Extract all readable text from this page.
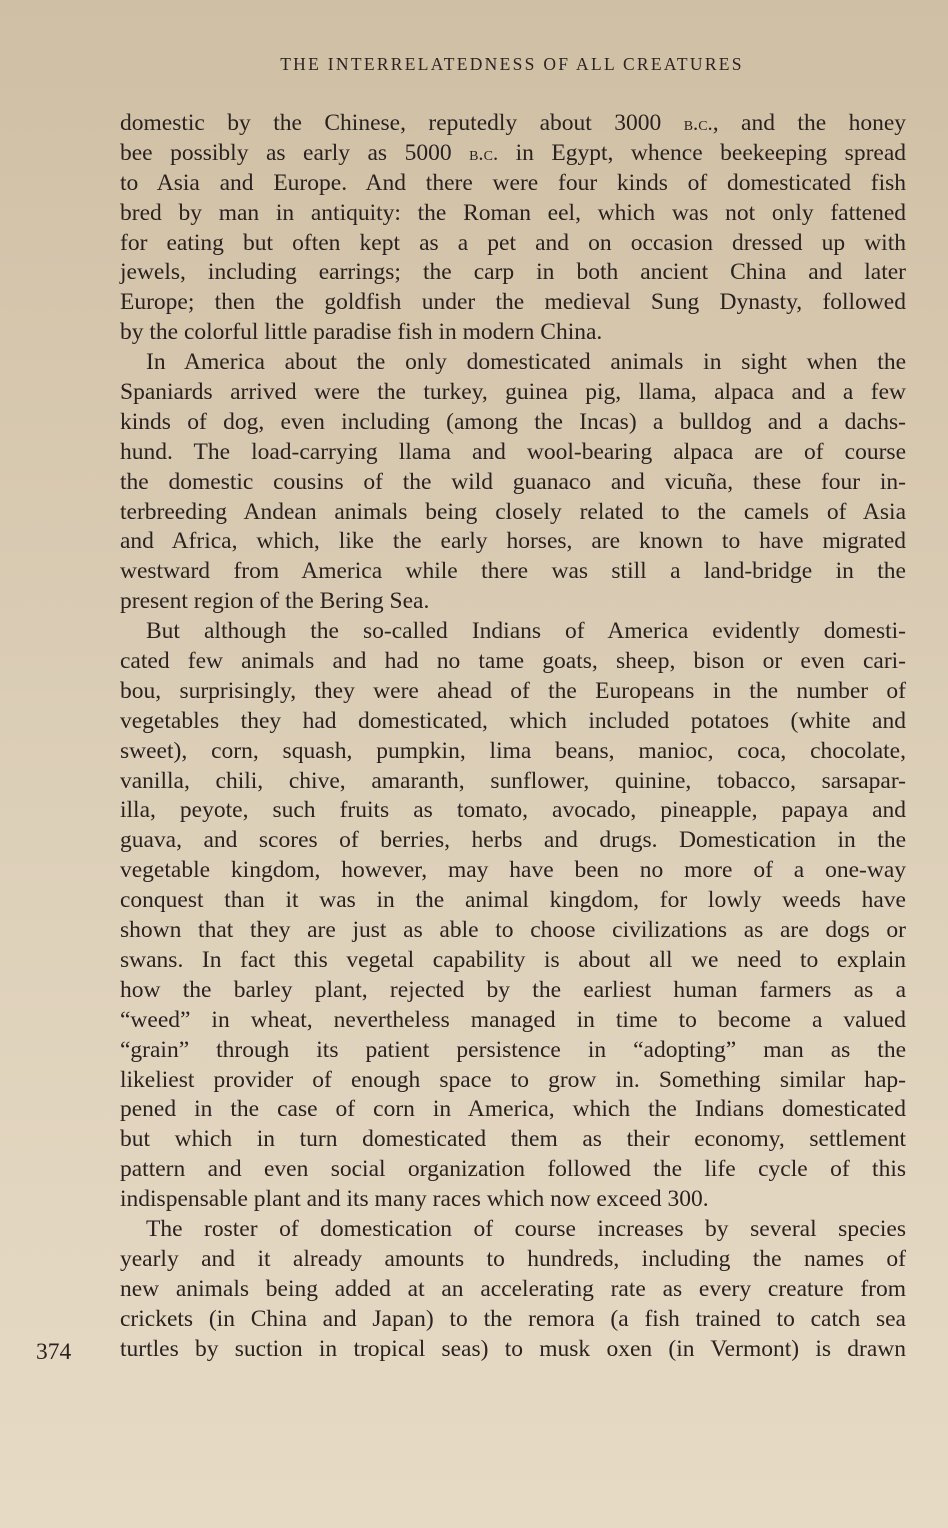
THE INTERRELATEDNESS OF ALL CREATURES
domestic by the Chinese, reputedly about 3000 b.c., and the honey
bee possibly as early as 5000 b.c. in Egypt, whence beekeeping spread
to Asia and Europe. And there were four kinds of domesticated fish
bred by man in antiquity: the Roman eel, which was not only fattened
for eating but often kept as a pet and on occasion dressed up with
jewels, including earrings; the carp in both ancient China and later
Europe; then the goldfish under the medieval Sung Dynasty, followed
by the colorful little paradise fish in modern China.
In America about the only domesticated animals in sight when the
Spaniards arrived were the turkey, guinea pig, llama, alpaca and a few
kinds of dog, even including (among the Incas) a bulldog and a dachs-
hund. The load-carrying llama and wool-bearing alpaca are of course
the domestic cousins of the wild guanaco and vicuña, these four in-
terbreeding Andean animals being closely related to the camels of Asia
and Africa, which, like the early horses, are known to have migrated
westward from America while there was still a land-bridge in the
present region of the Bering Sea.
But although the so-called Indians of America evidently domesti-
cated few animals and had no tame goats, sheep, bison or even cari-
bou, surprisingly, they were ahead of the Europeans in the number of
vegetables they had domesticated, which included potatoes (white and
sweet), corn, squash, pumpkin, lima beans, manioc, coca, chocolate,
vanilla, chili, chive, amaranth, sunflower, quinine, tobacco, sarsapar-
illa, peyote, such fruits as tomato, avocado, pineapple, papaya and
guava, and scores of berries, herbs and drugs. Domestication in the
vegetable kingdom, however, may have been no more of a one-way
conquest than it was in the animal kingdom, for lowly weeds have
shown that they are just as able to choose civilizations as are dogs or
swans. In fact this vegetal capability is about all we need to explain
how the barley plant, rejected by the earliest human farmers as a
“weed” in wheat, nevertheless managed in time to become a valued
“grain” through its patient persistence in “adopting” man as the
likeliest provider of enough space to grow in. Something similar hap-
pened in the case of corn in America, which the Indians domesticated
but which in turn domesticated them as their economy, settlement
pattern and even social organization followed the life cycle of this
indispensable plant and its many races which now exceed 300.
The roster of domestication of course increases by several species
yearly and it already amounts to hundreds, including the names of
new animals being added at an accelerating rate as every creature from
crickets (in China and Japan) to the remora (a fish trained to catch sea
turtles by suction in tropical seas) to musk oxen (in Vermont) is drawn
374
